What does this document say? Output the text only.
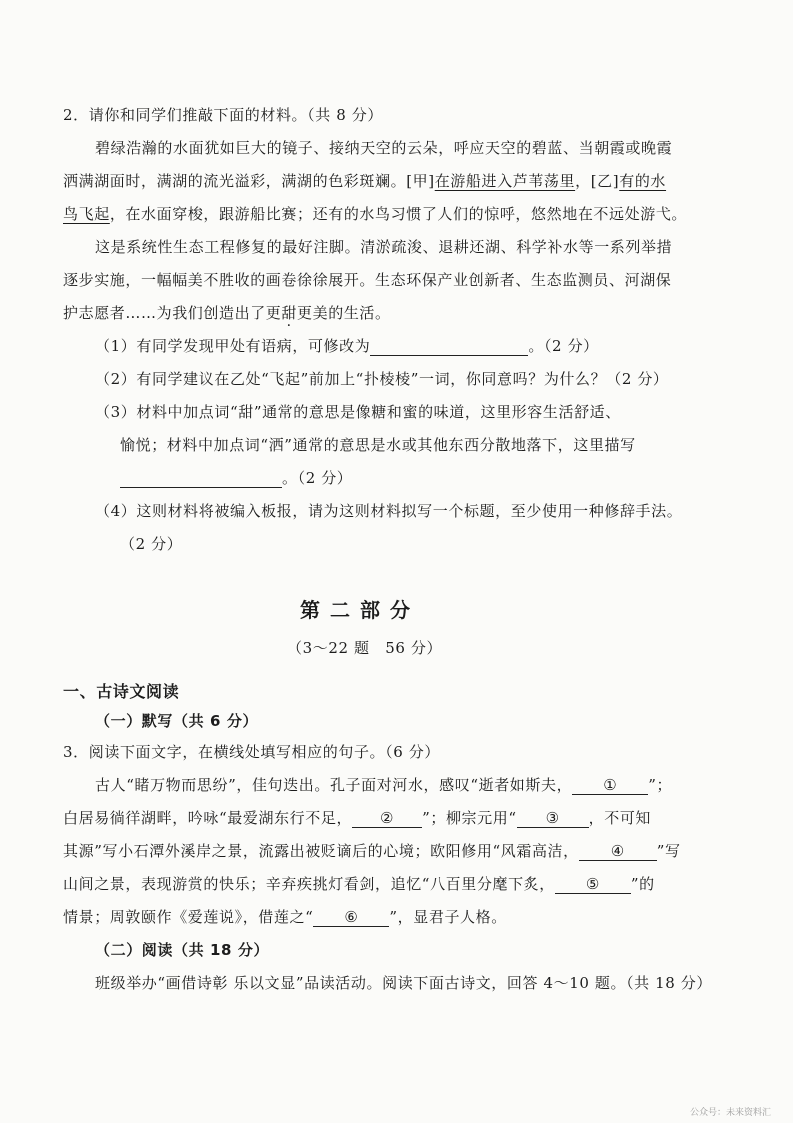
2．请你和同学们推敲下面的材料。（共 8 分）
碧绿浩瀚的水面犹如巨大的镜子、接纳天空的云朵，呼应天空的碧蓝、当朝霞或晚霞
洒满湖面时，满湖的流光溢彩，满湖的色彩斑斓。[甲]在游船进入芦苇荡里，[乙]有的水
鸟飞起，在水面穿梭，跟游船比赛；还有的水鸟习惯了人们的惊呼，悠然地在不远处游弋。
这是系统性生态工程修复的最好注脚。清淤疏浚、退耕还湖、科学补水等一系列举措
逐步实施，一幅幅美不胜收的画卷徐徐展开。生态环保产业创新者、生态监测员、河湖保
护志愿者……为我们创造出了更甜更美的生活。
（1）有同学发现甲处有语病，可修改为	。（2 分）
（2）有同学建议在乙处“飞起”前加上“扑棱棱”一词，你同意吗？为什么？（2 分）
（3）材料中加点词“甜”通常的意思是像糖和蜜的味道，这里形容生活舒适、
愉悦；材料中加点词“洒”通常的意思是水或其他东西分散地落下，这里描写
。（2 分）
（4）这则材料将被编入板报，请为这则材料拟写一个标题，至少使用一种修辞手法。
（2 分）
第二部分
（3～22 题　56 分）
一、古诗文阅读
（一）默写（共 6 分）
3．阅读下面文字，在横线处填写相应的句子。（6 分）
古人“睹万物而思纷”，佳句迭出。孔子面对河水，感叹“逝者如斯夫， ① ”；
白居易徜徉湖畔，吟咏“最爱湖东行不足， ② ”；柳宗元用“ ③ ，不可知
其源”写小石潭外溪岸之景，流露出被贬谪后的心境；欧阳修用“风霜高洁， ④ ”写
山间之景，表现游赏的快乐；辛弃疾挑灯看剑，追忆“八百里分麾下炙， ⑤ ”的
情景；周敦颐作《爱莲说》，借莲之“ ⑥ ”，显君子人格。
（二）阅读（共 18 分）
班级举办“画借诗彰 乐以文显”品读活动。阅读下面古诗文，回答 4～10 题。（共 18 分）
公众号：未来资料汇
